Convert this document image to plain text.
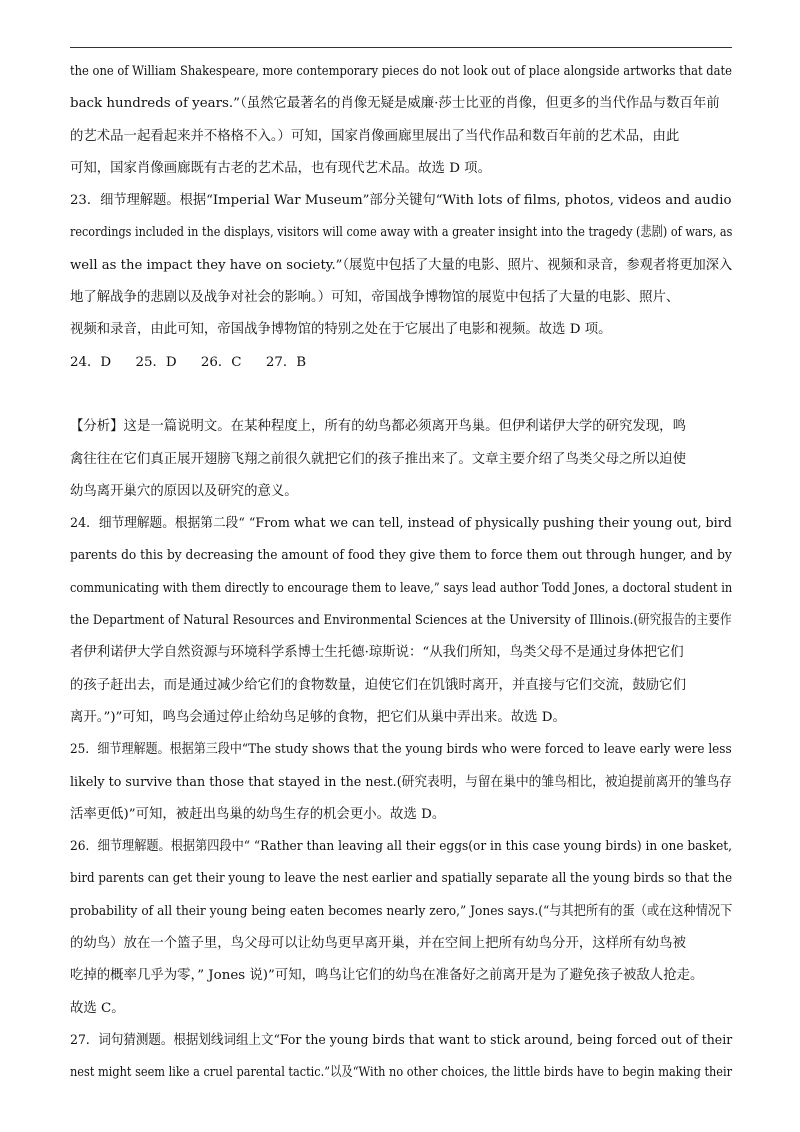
the one of William Shakespeare, more contemporary pieces do not look out of place alongside artworks that date
back hundreds of years.”（虽然它最著名的肖像无疑是威廉·莎士比亚的肖像，但更多的当代作品与数百年前
的艺术品一起看起来并不格格不入。）可知，国家肖像画廊里展出了当代作品和数百年前的艺术品，由此
可知，国家肖像画廊既有古老的艺术品，也有现代艺术品。故选 D 项。
23．细节理解题。根据“Imperial War Museum”部分关键句“With lots of films, photos, videos and audio
recordings included in the displays, visitors will come away with a greater insight into the tragedy (悲剧) of wars, as
well as the impact they have on society.”（展览中包括了大量的电影、照片、视频和录音，参观者将更加深入
地了解战争的悲剧以及战争对社会的影响。）可知，帝国战争博物馆的展览中包括了大量的电影、照片、
视频和录音，由此可知，帝国战争博物馆的特别之处在于它展出了电影和视频。故选 D 项。
24．D 25．D 26．C 27．B
【分析】这是一篇说明文。在某种程度上，所有的幼鸟都必须离开鸟巢。但伊利诺伊大学的研究发现，鸣
禽往往在它们真正展开翅膀飞翔之前很久就把它们的孩子推出来了。文章主要介绍了鸟类父母之所以迫使
幼鸟离开巢穴的原因以及研究的意义。
24．细节理解题。根据第二段“ “From what we can tell, instead of physically pushing their young out, bird
parents do this by decreasing the amount of food they give them to force them out through hunger, and by
communicating with them directly to encourage them to leave,” says lead author Todd Jones, a doctoral student in
the Department of Natural Resources and Environmental Sciences at the University of Illinois.(研究报告的主要作
者伊利诺伊大学自然资源与环境科学系博士生托德·琼斯说：“从我们所知，鸟类父母不是通过身体把它们
的孩子赶出去，而是通过减少给它们的食物数量，迫使它们在饥饿时离开，并直接与它们交流，鼓励它们
离开。”)”可知，鸣鸟会通过停止给幼鸟足够的食物，把它们从巢中弄出来。故选 D。
25．细节理解题。根据第三段中“The study shows that the young birds who were forced to leave early were less
likely to survive than those that stayed in the nest.(研究表明，与留在巢中的雏鸟相比，被迫提前离开的雏鸟存
活率更低)”可知，被赶出鸟巢的幼鸟生存的机会更小。故选 D。
26．细节理解题。根据第四段中“ “Rather than leaving all their eggs(or in this case young birds) in one basket,
bird parents can get their young to leave the nest earlier and spatially separate all the young birds so that the
probability of all their young being eaten becomes nearly zero,” Jones says.(“与其把所有的蛋（或在这种情况下
的幼鸟）放在一个篮子里，鸟父母可以让幼鸟更早离开巢，并在空间上把所有幼鸟分开，这样所有幼鸟被
吃掉的概率几乎为零，” Jones 说)”可知，鸣鸟让它们的幼鸟在准备好之前离开是为了避免孩子被敌人抢走。
故选 C。
27．词句猜测题。根据划线词组上文“For the young birds that want to stick around, being forced out of their
nest might seem like a cruel parental tactic.”以及“With no other choices, the little birds have to begin making their
